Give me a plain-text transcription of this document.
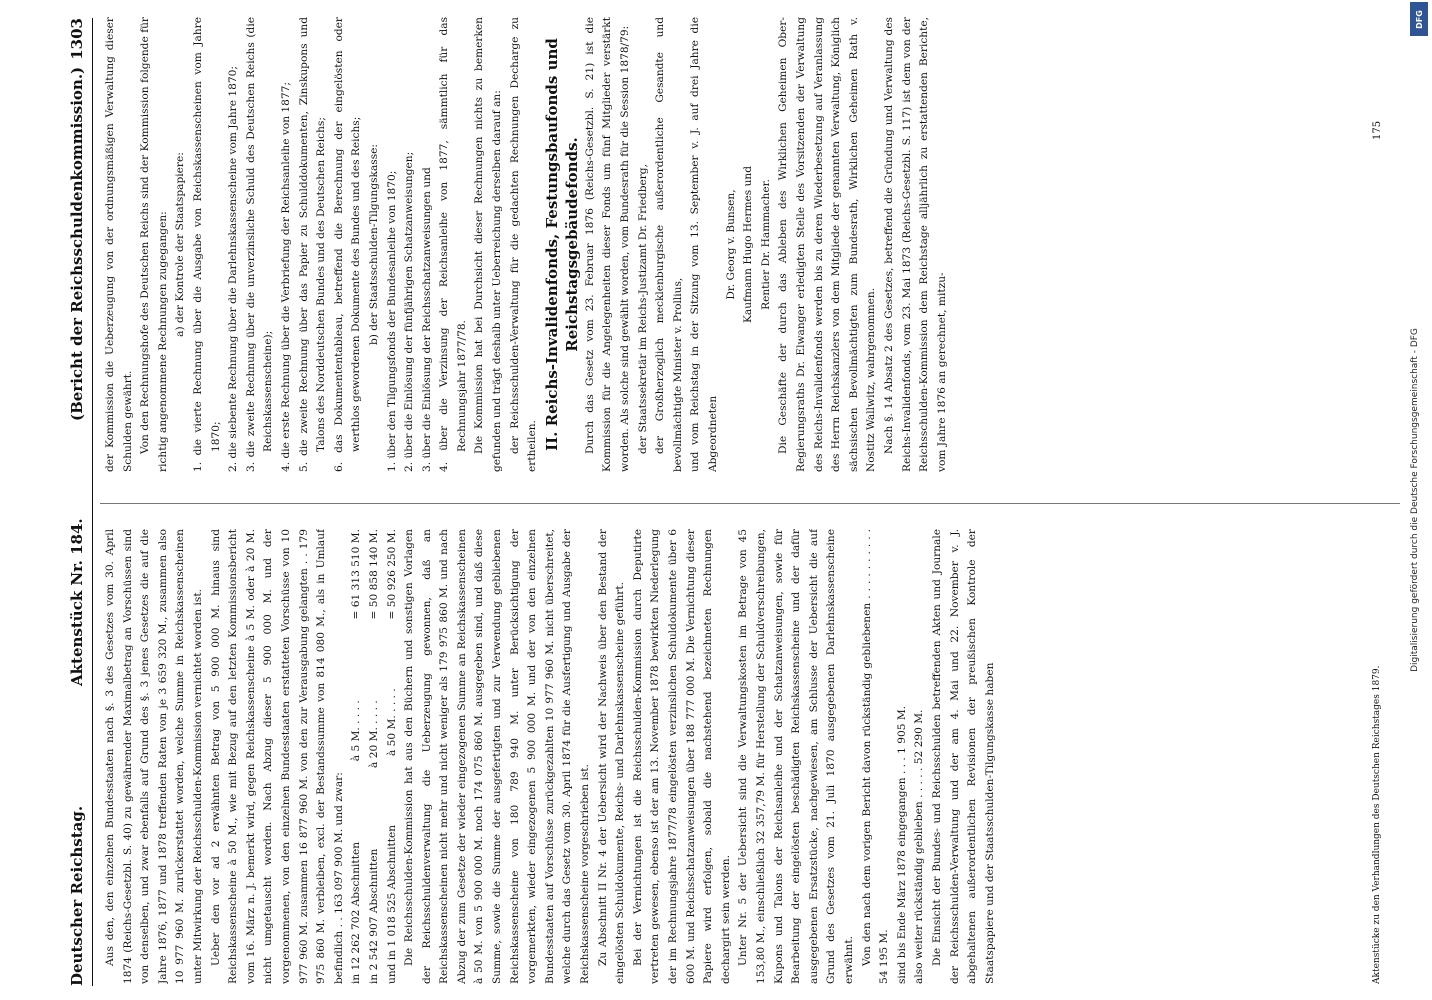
Deutscher Reichstag.
Aktenstück Nr. 184.
(Bericht der Reichsschuldenkommission.)
1303

Aus den, den einzelnen Bundesstaaten nach §. 3 des Gesetzes vom 30. April 1874 (Reichs-Gesetzbl. S. 40) zu gewährender Maximalbetrag an Vorschüssen sind von denselben, und zwar ebenfalls auf Grund des §. 3 jenes Gesetzes die auf die Jahre 1876, 1877 und 1878 treffenden Raten von je 3 659 320 M., zusammen also 10 977 960 M. zurückerstattet worden, welche Summe in Reichskassenscheinen unter Mitwirkung der Reichsschulden-Kommission vernichtet worden ist. Ueber den vor ad 2 erwähnten Betrag von 5 900 000 M. hinaus sind Reichskassenscheine à 50 M., wie mit Bezug auf den letzten Kommissionsbericht vom 16. März n. J. bemerkt wird, gegen Reichskassenscheine à 5 M. oder à 20 M. nicht umgetauscht worden. Nach Abzug dieser 5 900 000 M. und der vorgenommenen, von den einzelnen Bundesstaaten erstatteten Vorschüsse von 10 977 960 M. zusammen 16 877 960 M. von den zur Verausgabung gelangten . . 179 975 860 M. verbleiben, excl. der Bestandssumme von 814 080 M., als in Umlauf befindlich . . 163 097 900 M. und zwar: in 12 262 702 Abschnitten
à 5 M. . . . .
= 61 313 510 M.
in 2 542 907 Abschnitten
à 20 M. . . . .
= 50 858 140 M.
und in 1 018 525 Abschnitten
à 50 M. . . . .
= 50 926 250 M. Die Reichsschulden-Kommission hat aus den Büchern und sonstigen Vorlagen der Reichsschuldenverwaltung die Ueberzeugung gewonnen, daß an Reichskassenscheinen nicht mehr und nicht weniger als 179 975 860 M. und nach Abzug der zum Gesetze der wieder eingezogenen Summe an Reichskassenscheinen à 50 M. von 5 900 000 M. noch 174 075 860 M. ausgegeben sind, und daß diese Summe, sowie die Summe der ausgefertigten und zur Verwendung gebliebenen Reichskassenscheine von 180 789 940 M. unter Berücksichtigung der vorgemerkten, wieder eingezogenen 5 900 000 M. und der von den einzelnen Bundesstaaten auf Vorschüsse zurückgezahlten 10 977 960 M. nicht überschreitet, welche durch das Gesetz vom 30. April 1874 für die Ausfertigung und Ausgabe der Reichskassenscheine vorgeschrieben ist. Zu Abschnitt II Nr. 4 der Uebersicht wird der Nachweis über den Bestand der eingelösten Schuldokumente, Reichs- und Darlehnskassenscheine geführt. Bei der Vernichtungen ist die Reichsschulden-Kommission durch Deputirte vertreten gewesen, ebenso ist der am 13. November 1878 bewirkten Niederlegung der im Rechnungsjahre 1877/78 eingelösten verzinslichen Schuldokumente über 6 600 M. und Reichsschatzanweisungen über 188 777 000 M. Die Vernichtung dieser Papiere wird erfolgen, sobald die nachstehend bezeichneten Rechnungen dechargirt sein werden. Unter Nr. 5 der Uebersicht sind die Verwaltungskosten im Betrage von 45 153,80 M., einschließlich 32 357,79 M. für Herstellung der Schuldverschreibungen, Kupons und Talons der Reichsanleihe und der Schatzanweisungen, sowie für Bearbeitung der eingelösten beschädigten Reichskassenscheine und der dafür ausgegebenen Ersatzstücke, nachgewiesen, am Schlusse der Uebersicht die auf Grund des Gesetzes vom 21. Juli 1870 ausgegebenen Darlehnskassenscheine erwähnt. Von den nach dem vorigen Bericht davon rückständig gebliebenen . . . . . . . . . . 54 195 M. sind bis Ende März 1878 eingegangen . . . 1 905 M. also weiter rückständig geblieben . . . . . 52 290 M. Die Einsicht der Bundes- und Reichsschulden betreffenden Akten und Journale der Reichsschulden-Verwaltung und der am 4. Mai und 22. November v. J. abgehaltenen außerordentlichen Revisionen der preußischen Kontrole der Staatspapiere und der Staatsschulden-Tilgungskasse haben

der Kommission die Ueberzeugung von der ordnungsmäßigen Verwaltung dieser Schulden gewährt. Von den Rechnungshofe des Deutschen Reichs sind der Kommission folgende für richtig angenommene Rechnungen zugegangen: a) der Kontrole der Staatspapiere: 1. die vierte Rechnung über die Ausgabe von Reichskassenscheinen vom Jahre 1870; 2. die siebente Rechnung über die Darlehnskassenscheine vom Jahre 1870; 3. die zweite Rechnung über die unverzinsliche Schuld des Deutschen Reichs (die Reichskassenscheine); 4. die erste Rechnung über die Verbriefung der Reichsanleihe von 1877; 5. die zweite Rechnung über das Papier zu Schulddokumenten, Zinskupons und Talons des Norddeutschen Bundes und des Deutschen Reichs; 6. das Dokumententableau, betreffend die Berechnung der eingelösten oder werthlos gewordenen Dokumente des Bundes und des Reichs; b) der Staatsschulden-Tilgungskasse: 1. über den Tilgungsfonds der Bundesanleihe von 1870; 2. über die Einlösung der fünfjährigen Schatzanweisungen; 3. über die Einlösung der Reichsschatzanweisungen und 4. über die Verzinsung der Reichsanleihe von 1877, sämmtlich für das Rechnungsjahr 1877/78. Die Kommission hat bei Durchsicht dieser Rechnungen nichts zu bemerken gefunden und trägt deshalb unter Ueberreichung derselben darauf an: der Reichsschulden-Verwaltung für die gedachten Rechnungen Decharge zu ertheilen. II. Reichs-Invalidenfonds, Festungsbaufonds und Reichstagsgebäudefonds. Durch das Gesetz vom 23. Februar 1876 (Reichs-Gesetzbl. S. 21) ist die Kommission für die Angelegenheiten dieser Fonds um fünf Mitglieder verstärkt worden. Als solche sind gewählt worden, vom Bundesrath für die Session 1878/79: der Staatssekretär im Reichs-Justizamt Dr. Friedberg, der Großherzoglich mecklenburgische außerordentliche Gesandte und bevollmächtigte Minister v. Prollius, und vom Reichstag in der Sitzung vom 13. September v. J. auf drei Jahre die Abgeordneten

Dr. Georg v. Bunsen, Kaufmann Hugo Hermes und Rentier Dr. Hammacher. Die Geschäfte der durch das Ableben des Wirklichen Geheimen Ober-Regierungsraths Dr. Elwanger erledigten Stelle des Vorsitzenden der Verwaltung des Reichs-Invalidenfonds werden bis zu deren Wiederbesetzung auf Veranlassung des Herrn Reichskanzlers von dem Mitgliede der genannten Verwaltung, Königlich sächsischen Bevollmächtigten zum Bundesrath, Wirklichen Geheimen Rath v. Nostitz Wallwitz, wahrgenommen. Nach §. 14 Absatz 2 des Gesetzes, betreffend die Gründung und Verwaltung des Reichs-Invalidenfonds, vom 23. Mai 1873 (Reichs-Gesetzbl. S. 117) ist dem von der Reichsschulden-Kommission dem Reichstage alljährlich zu erstattenden Berichte, vom Jahre 1876 an gerechnet, mitzu-

Aktenstücke zu den Verhandlungen des Deutschen Reichstages 1879.
175
Digitalisierung gefördert durch die Deutsche Forschungsgemeinschaft - DFG
DFG
